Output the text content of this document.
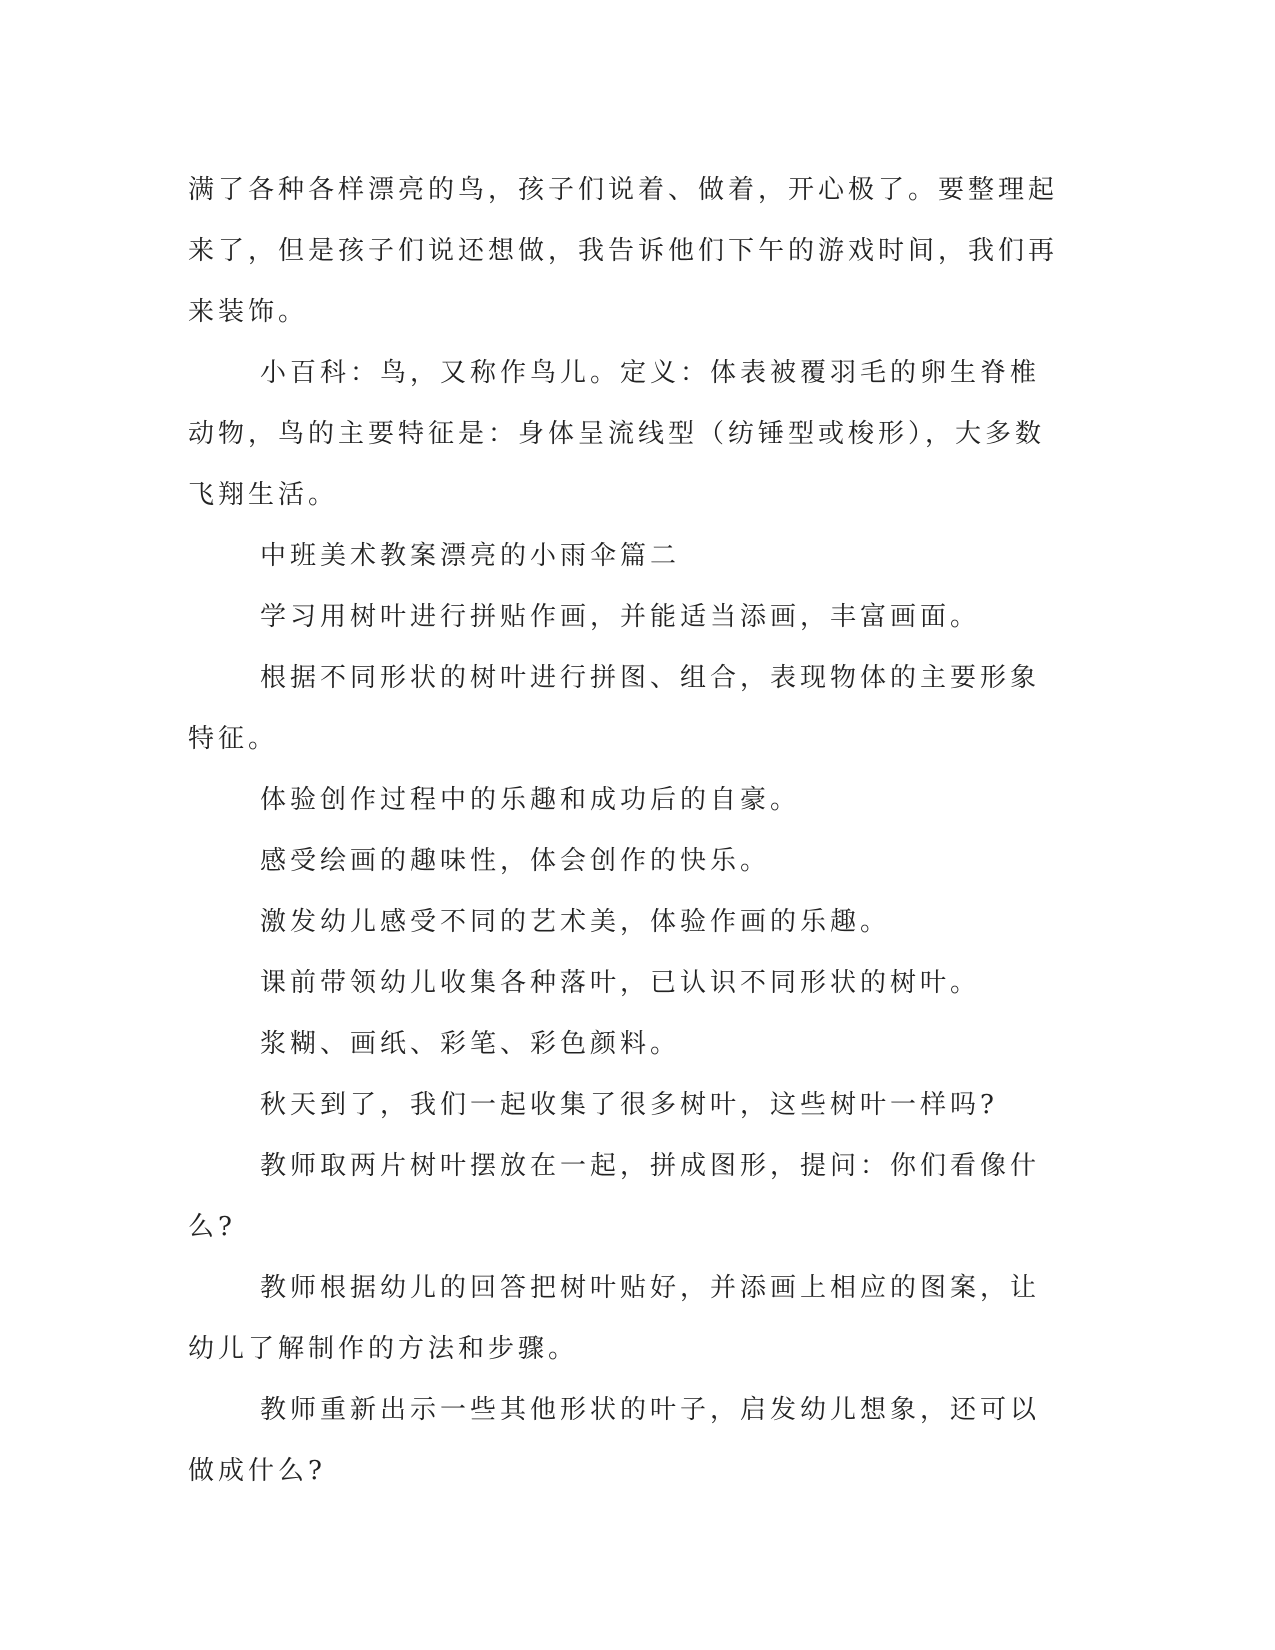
满了各种各样漂亮的鸟，孩子们说着、做着，开心极了。要整理起来了，但是孩子们说还想做，我告诉他们下午的游戏时间，我们再来装饰。

小百科：鸟，又称作鸟儿。定义：体表被覆羽毛的卵生脊椎动物，鸟的主要特征是：身体呈流线型（纺锤型或梭形），大多数飞翔生活。

中班美术教案漂亮的小雨伞篇二

学习用树叶进行拼贴作画，并能适当添画，丰富画面。

根据不同形状的树叶进行拼图、组合，表现物体的主要形象特征。

体验创作过程中的乐趣和成功后的自豪。

感受绘画的趣味性，体会创作的快乐。

激发幼儿感受不同的艺术美，体验作画的乐趣。

课前带领幼儿收集各种落叶，已认识不同形状的树叶。

浆糊、画纸、彩笔、彩色颜料。

秋天到了，我们一起收集了很多树叶，这些树叶一样吗?

教师取两片树叶摆放在一起，拼成图形，提问：你们看像什么?

教师根据幼儿的回答把树叶贴好，并添画上相应的图案，让幼儿了解制作的方法和步骤。

教师重新出示一些其他形状的叶子，启发幼儿想象，还可以做成什么?
